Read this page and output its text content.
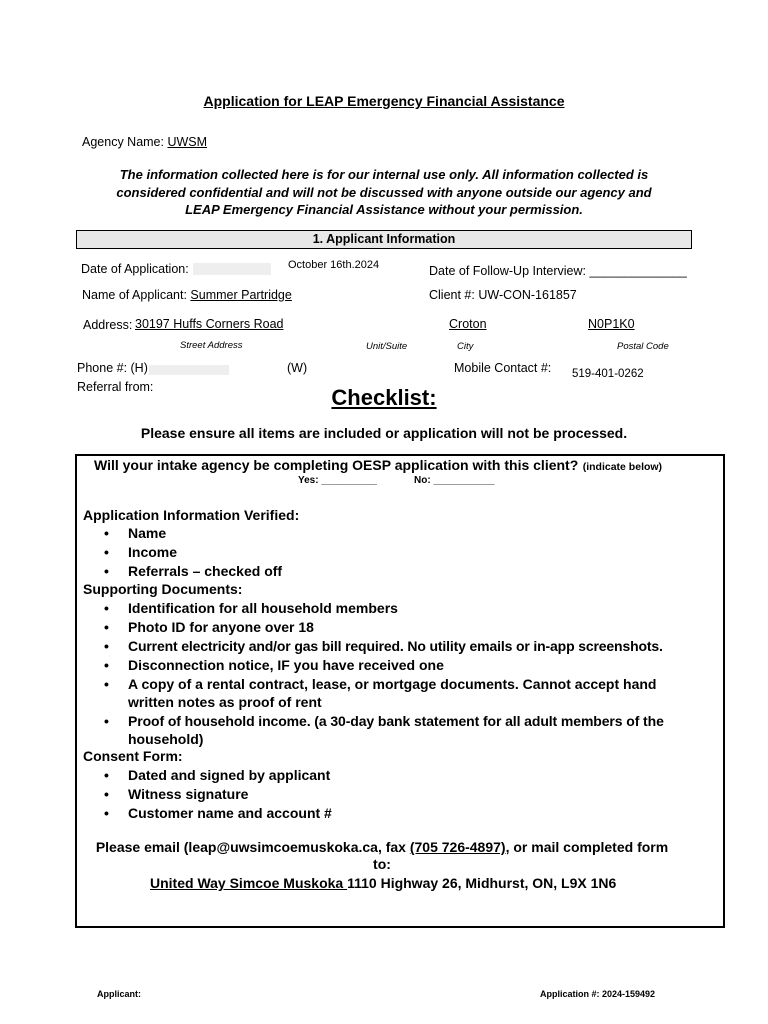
Application for LEAP Emergency Financial Assistance
Agency Name: UWSM
The information collected here is for our internal use only. All information collected is
considered confidential and will not be discussed with anyone outside our agency and
LEAP Emergency Financial Assistance without your permission.
1. Applicant Information
Date of Application:	October 16th.2024	Date of Follow-Up Interview: ______________
Name of Applicant: Summer Partridge	Client #: UW-CON-161857
Address: 30197 Huffs Corners Road	Croton	N0P1K0
Street Address	Unit/Suite	City	Postal Code
Phone #: (H)	(W)	Mobile Contact #: 519-401-0262
Referral from:	Checklist:
Please ensure all items are included or application will not be processed.
Will your intake agency be completing OESP application with this client? (indicate below)
Yes: __________	No: ___________
Application Information Verified:
• Name
• Income
• Referrals – checked off
Supporting Documents:
• Identification for all household members
• Photo ID for anyone over 18
• Current electricity and/or gas bill required. No utility emails or in-app screenshots.
• Disconnection notice, IF you have received one
• A copy of a rental contract, lease, or mortgage documents. Cannot accept hand
written notes as proof of rent
• Proof of household income. (a 30-day bank statement for all adult members of the
household)
Consent Form:
• Dated and signed by applicant
• Witness signature
• Customer name and account #
Please email (leap@uwsimcoemuskoka.ca, fax (705 726-4897), or mail completed form
to:
United Way Simcoe Muskoka 1110 Highway 26, Midhurst, ON, L9X 1N6
Applicant:	Application #: 2024-159492
